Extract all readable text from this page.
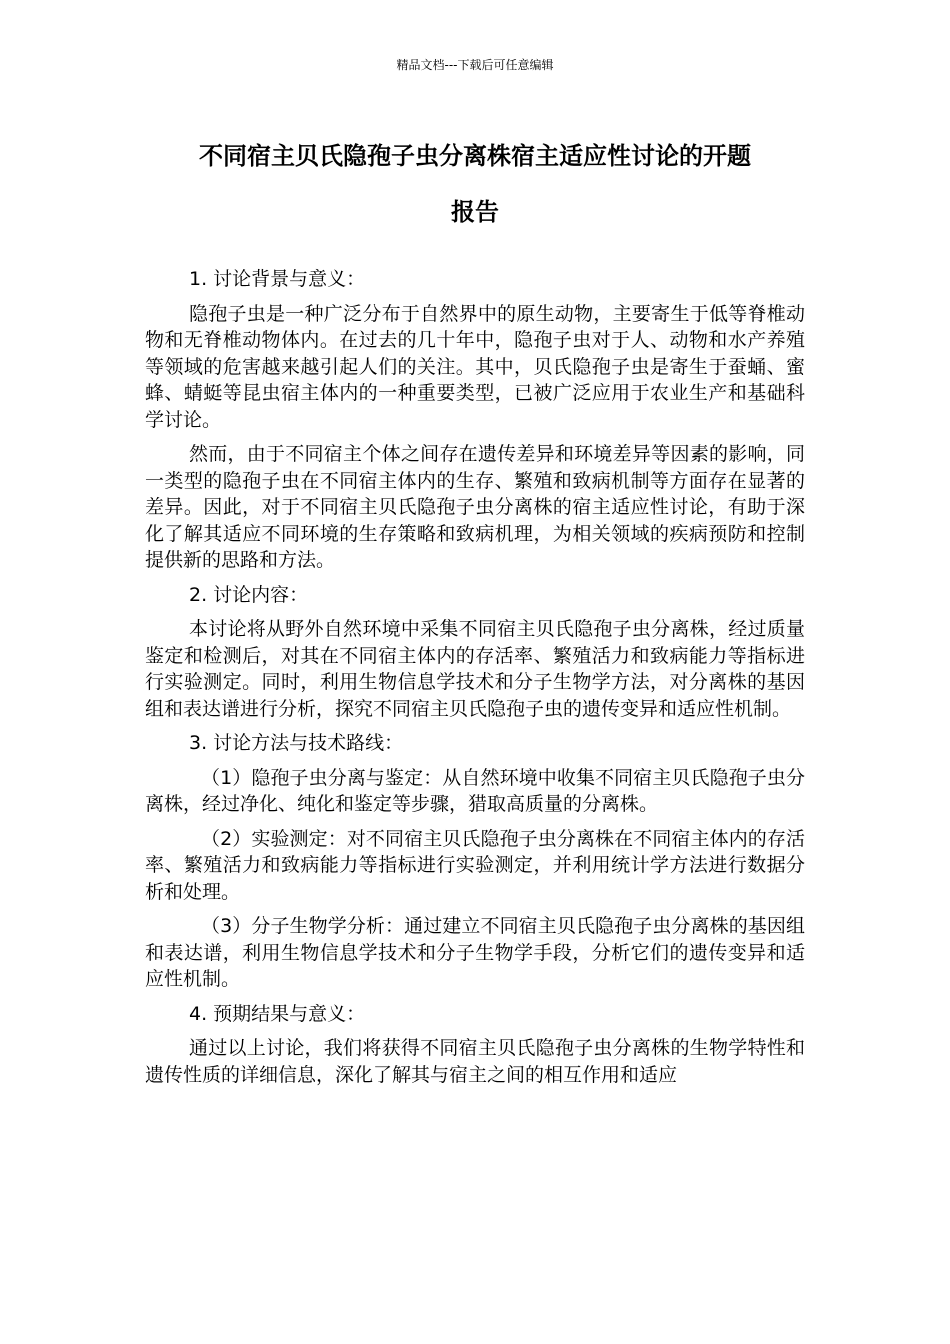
精品文档---下载后可任意编辑
不同宿主贝氏隐孢子虫分离株宿主适应性讨论的开题
报告

1. 讨论背景与意义：

隐孢子虫是一种广泛分布于自然界中的原生动物，主要寄生于低等脊椎动物和无脊椎动物体内。在过去的几十年中，隐孢子虫对于人、动物和水产养殖等领域的危害越来越引起人们的关注。其中，贝氏隐孢子虫是寄生于蚕蛹、蜜蜂、蜻蜓等昆虫宿主体内的一种重要类型，已被广泛应用于农业生产和基础科学讨论。

然而，由于不同宿主个体之间存在遗传差异和环境差异等因素的影响，同一类型的隐孢子虫在不同宿主体内的生存、繁殖和致病机制等方面存在显著的差异。因此，对于不同宿主贝氏隐孢子虫分离株的宿主适应性讨论，有助于深化了解其适应不同环境的生存策略和致病机理，为相关领域的疾病预防和控制提供新的思路和方法。

2. 讨论内容：

本讨论将从野外自然环境中采集不同宿主贝氏隐孢子虫分离株，经过质量鉴定和检测后，对其在不同宿主体内的存活率、繁殖活力和致病能力等指标进行实验测定。同时，利用生物信息学技术和分子生物学方法，对分离株的基因组和表达谱进行分析，探究不同宿主贝氏隐孢子虫的遗传变异和适应性机制。

3. 讨论方法与技术路线：

（1）隐孢子虫分离与鉴定：从自然环境中收集不同宿主贝氏隐孢子虫分离株，经过净化、纯化和鉴定等步骤，猎取高质量的分离株。

（2）实验测定：对不同宿主贝氏隐孢子虫分离株在不同宿主体内的存活率、繁殖活力和致病能力等指标进行实验测定，并利用统计学方法进行数据分析和处理。

（3）分子生物学分析：通过建立不同宿主贝氏隐孢子虫分离株的基因组和表达谱，利用生物信息学技术和分子生物学手段，分析它们的遗传变异和适应性机制。

4. 预期结果与意义：

通过以上讨论，我们将获得不同宿主贝氏隐孢子虫分离株的生物学特性和遗传性质的详细信息，深化了解其与宿主之间的相互作用和适应
